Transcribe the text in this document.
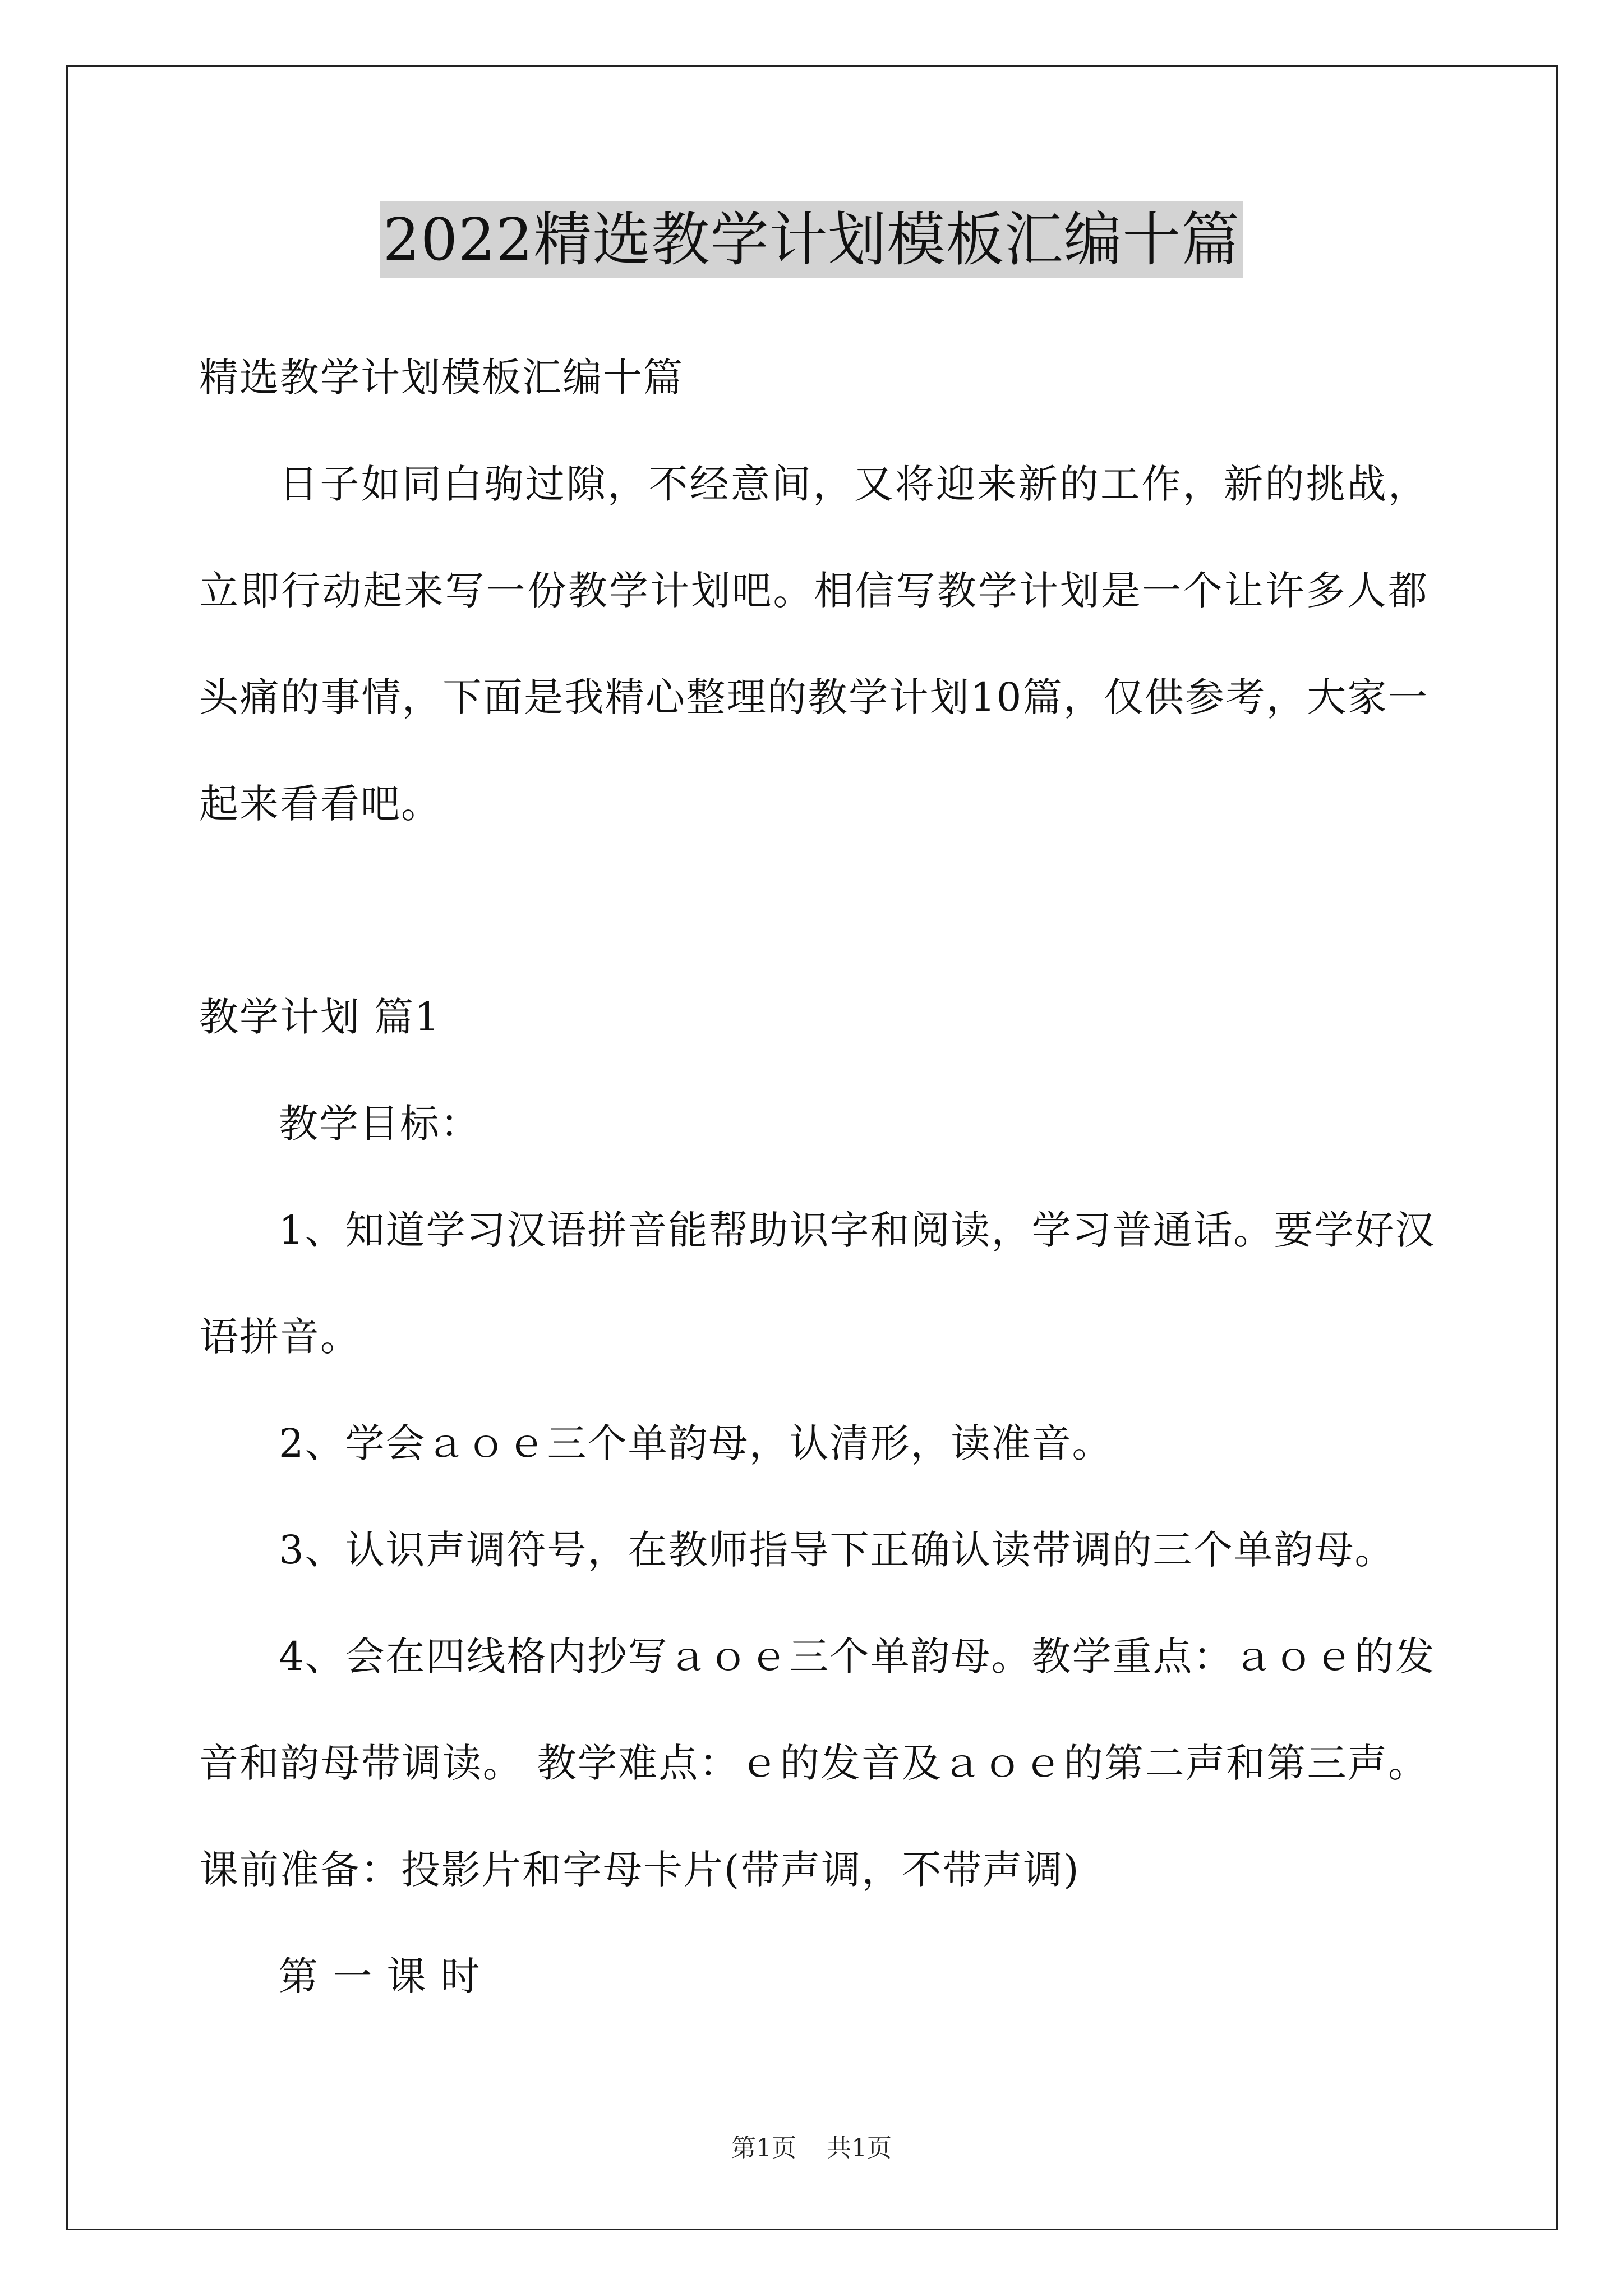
2022精选教学计划模板汇编十篇
精选教学计划模板汇编十篇
日子如同白驹过隙，不经意间，又将迎来新的工作，新的挑战，
立即行动起来写一份教学计划吧。相信写教学计划是一个让许多人都
头痛的事情，下面是我精心整理的教学计划10篇，仅供参考，大家一
起来看看吧。
教学计划 篇1
教学目标：
1、知道学习汉语拼音能帮助识字和阅读，学习普通话。要学好汉
语拼音。
2、学会ａｏｅ三个单韵母，认清形，读准音。
3、认识声调符号，在教师指导下正确认读带调的三个单韵母。
4、会在四线格内抄写ａｏｅ三个单韵母。教学重点：ａｏｅ的发
音和韵母带调读。 教学难点：ｅ的发音及ａｏｅ的第二声和第三声。
课前准备：投影片和字母卡片(带声调，不带声调)
第 一 课 时
第1页 共1页
